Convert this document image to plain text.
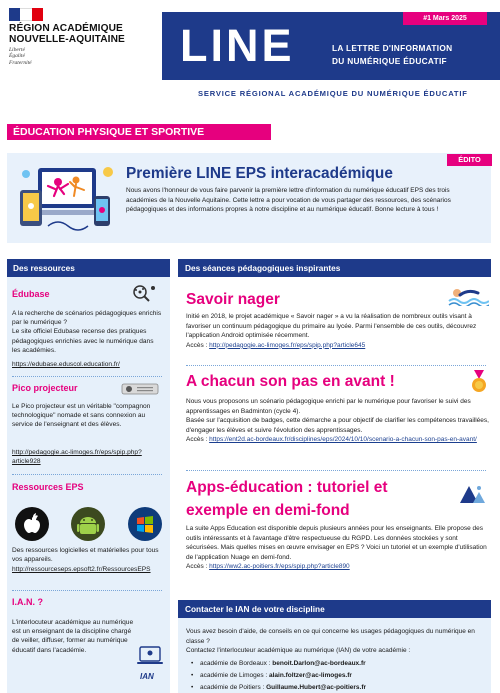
RÉGION ACADÉMIQUE
NOUVELLE-AQUITAINE
Liberté
Égalité
Fraternité
#1 Mars 2025
LINE	LA LETTRE D'INFORMATION
DU NUMÉRIQUE ÉDUCATIF
SERVICE RÉGIONAL ACADÉMIQUE DU NUMÉRIQUE ÉDUCATIF
ÉDUCATION PHYSIQUE ET SPORTIVE
ÉDITO
Première LINE EPS interacadémique
Nous avons l'honneur de vous faire parvenir la première lettre d'information du numérique éducatif EPS des trois académies de la Nouvelle Aquitaine. Cette lettre a pour vocation de vous partager des ressources, des scénarios pédagogiques et des informations propres à notre discipline et au numérique éducatif. Bonne lecture à tous !
Des ressources
Édubase
A la recherche de scénarios pédagogiques enrichis par le numérique ?
Le site officiel Edubase recense des pratiques pédagogiques enrichies avec le numérique dans les académies.
https://edubase.eduscol.education.fr/
Pico projecteur
Le Pico projecteur est un véritable "compagnon technologique" nomade et sans connexion au service de l'enseignant et des élèves.
http://pedagogie.ac-limoges.fr/eps/spip.php?article928
Ressources EPS
Des ressources logicielles et matérielles pour tous vos appareils.
http://ressourceseps.epsoft2.fr/RessourcesEPS
I.A.N. ?
L'interlocuteur académique au numérique est un enseignant de la discipline chargé de veiller, diffuser, former au numérique éducatif dans l'académie.
IAN
Des séances pédagogiques inspirantes
Savoir nager
Initié en 2018, le projet académique « Savoir nager » a vu la réalisation de nombreux outils visant à favoriser un continuum pédagogique du primaire au lycée. Parmi l'ensemble de ces outils, découvrez l'application Android optimisée récemment.
Accès : http://pedagogie.ac-limoges.fr/eps/spip.php?article645
A chacun son pas en avant !
Nous vous proposons un scénario pédagogique enrichi par le numérique pour favoriser le suivi des apprentissages en Badminton (cycle 4).
Basée sur l'acquisition de badges, cette démarche a pour objectif de clarifier les compétences travaillées, d'engager les élèves et suivre l'évolution des apprentissages.
Accès : https://ent2d.ac-bordeaux.fr/disciplines/eps/2024/10/10/scenario-a-chacun-son-pas-en-avant/
Apps-éducation : tutoriel et
exemple en demi-fond
La suite Apps Education est disponible depuis plusieurs années pour les enseignants. Elle propose des outils intéressants et à l'avantage d'être respectueuse du RGPD. Les données stockées y sont sécurisées. Mais quelles mises en œuvre envisager en EPS ? Voici un tutoriel et un exemple d'utilisation de l'application Nuage en demi-fond.
Accès : https://ww2.ac-poitiers.fr/eps/spip.php?article890
Contacter le IAN de votre discipline
Vous avez besoin d'aide, de conseils en ce qui concerne les usages pédagogiques du numérique en classe ?
Contactez l'interlocuteur académique au numérique (IAN) de votre académie :
• académie de Bordeaux : benoit.Darlon@ac-bordeaux.fr
• académie de Limoges : alain.foltzer@ac-limoges.fr
• académie de Poitiers : Guillaume.Hubert@ac-poitiers.fr
